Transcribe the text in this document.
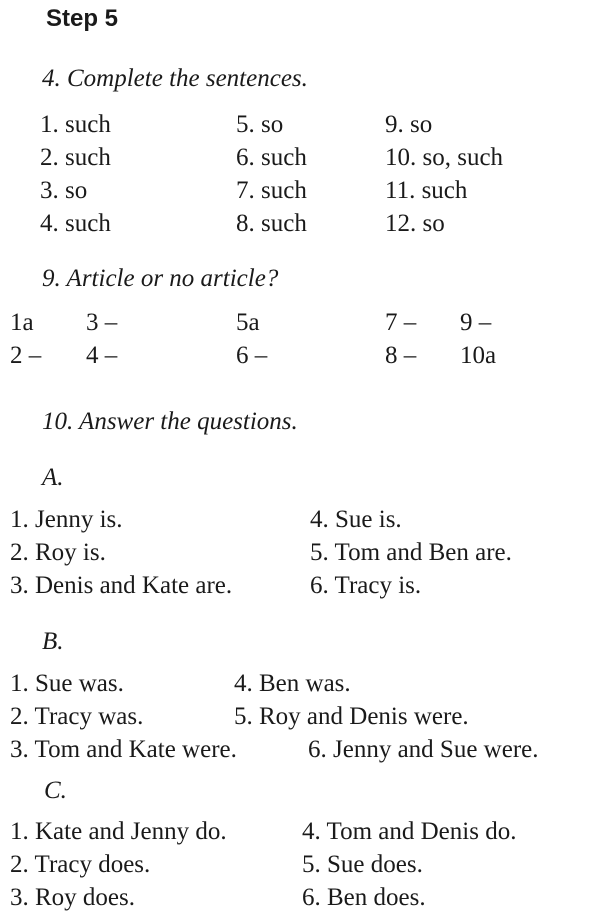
Step 5
4. Complete the sentences.
1. such
2. such
3. so
4. such
5. so
6. such
7. such
8. such
9. so
10. so, such
11. such
12. so
9. Article or no article?
1a
2 –
3 –
4 –
5a
6 –
7 –
8 –
9 –
10a
10. Answer the questions.
A.
1. Jenny is.
2. Roy is.
3. Denis and Kate are.
4. Sue is.
5. Tom and Ben are.
6. Tracy is.
B.
1. Sue was.
2. Tracy was.
3. Tom and Kate were.
4. Ben was.
5. Roy and Denis were.
6. Jenny and Sue were.
C.
1. Kate and Jenny do.
2. Tracy does.
3. Roy does.
4. Tom and Denis do.
5. Sue does.
6. Ben does.
